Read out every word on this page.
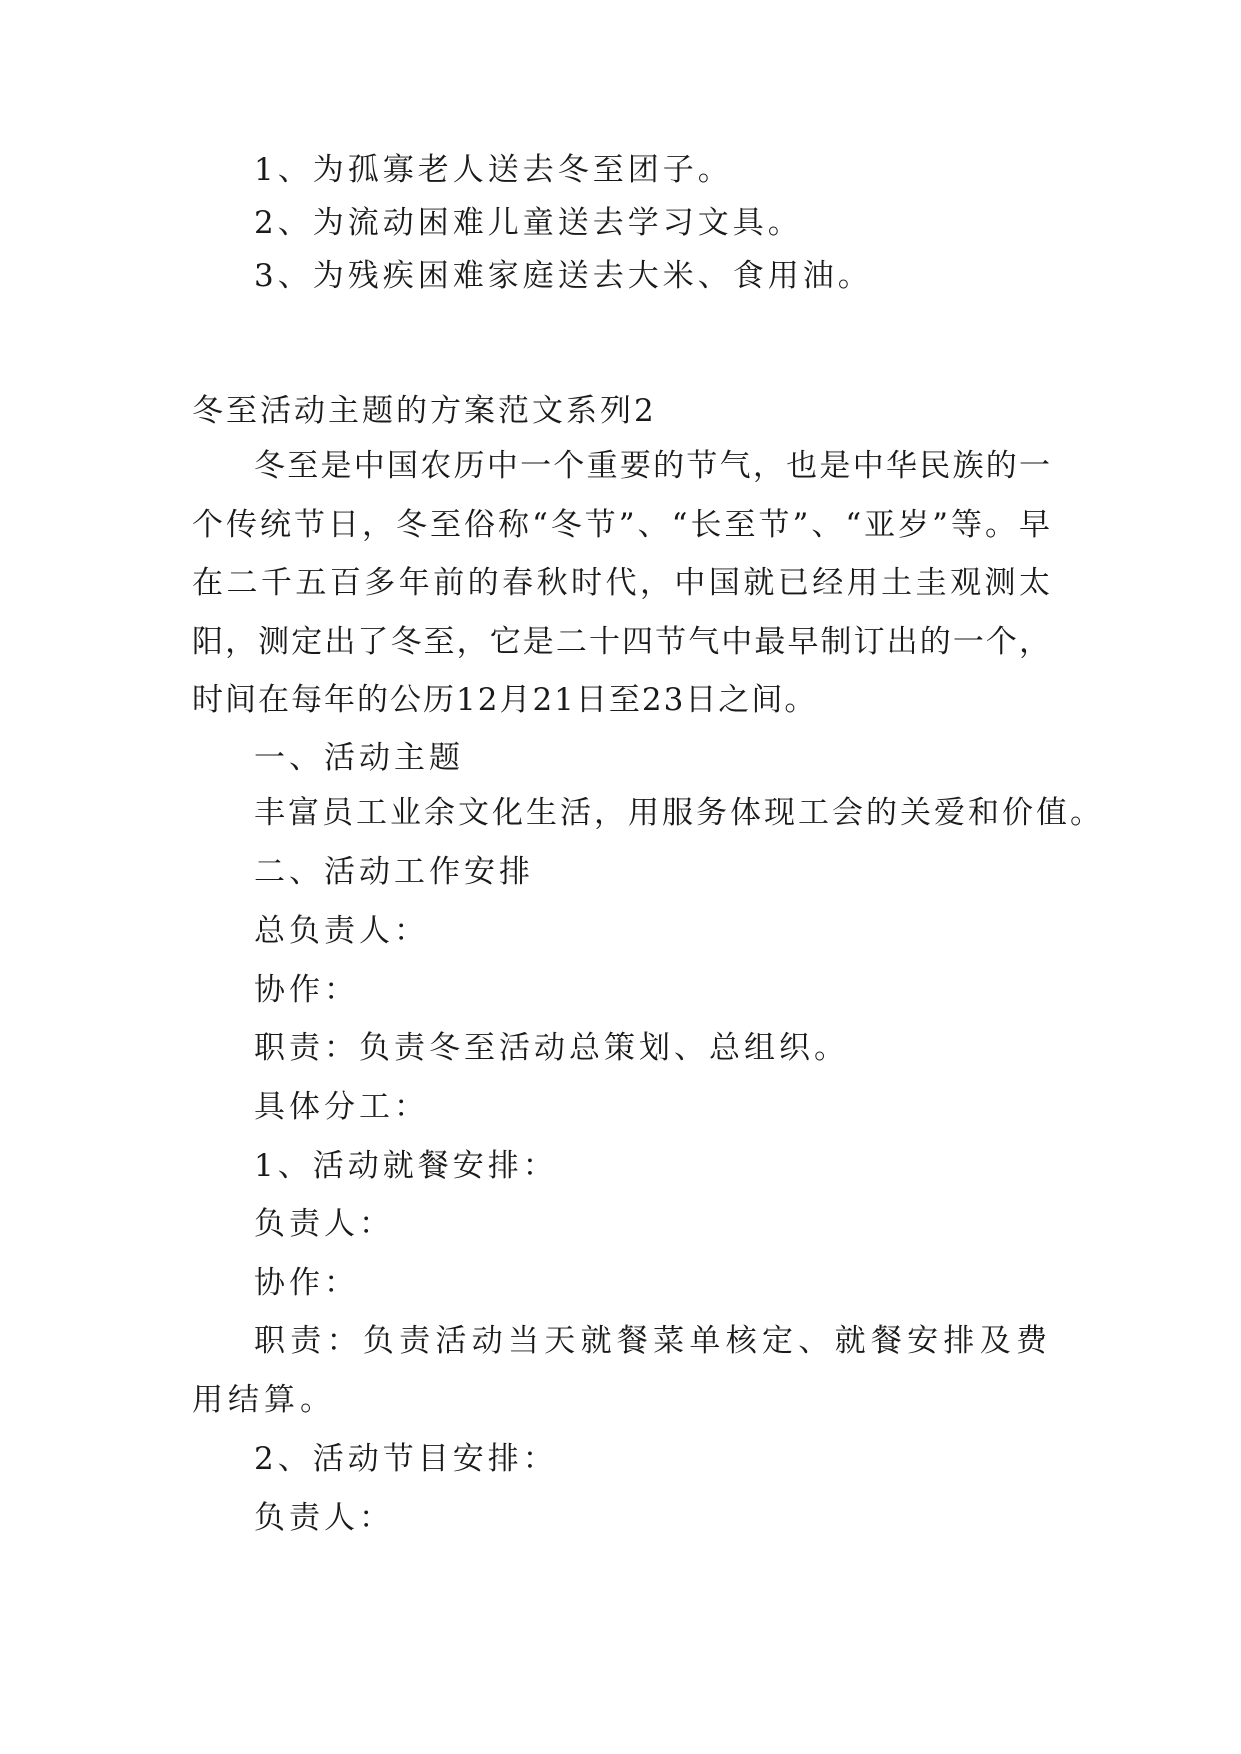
1、为孤寡老人送去冬至团子。
2、为流动困难儿童送去学习文具。
3、为残疾困难家庭送去大米、食用油。
冬至活动主题的方案范文系列2

冬至是中国农历中一个重要的节气，也是中华民族的一个传统节日，冬至俗称“冬节”、“长至节”、“亚岁”等。早在二千五百多年前的春秋时代，中国就已经用土圭观测太阳，测定出了冬至，它是二十四节气中最早制订出的一个，时间在每年的公历12月21日至23日之间。

一、活动主题
丰富员工业余文化生活，用服务体现工会的关爱和价值。
二、活动工作安排
总负责人：
协作：
职责：负责冬至活动总策划、总组织。
具体分工：
1、活动就餐安排：
负责人：
协作：

职责：负责活动当天就餐菜单核定、就餐安排及费用结算。

2、活动节目安排：
负责人：
